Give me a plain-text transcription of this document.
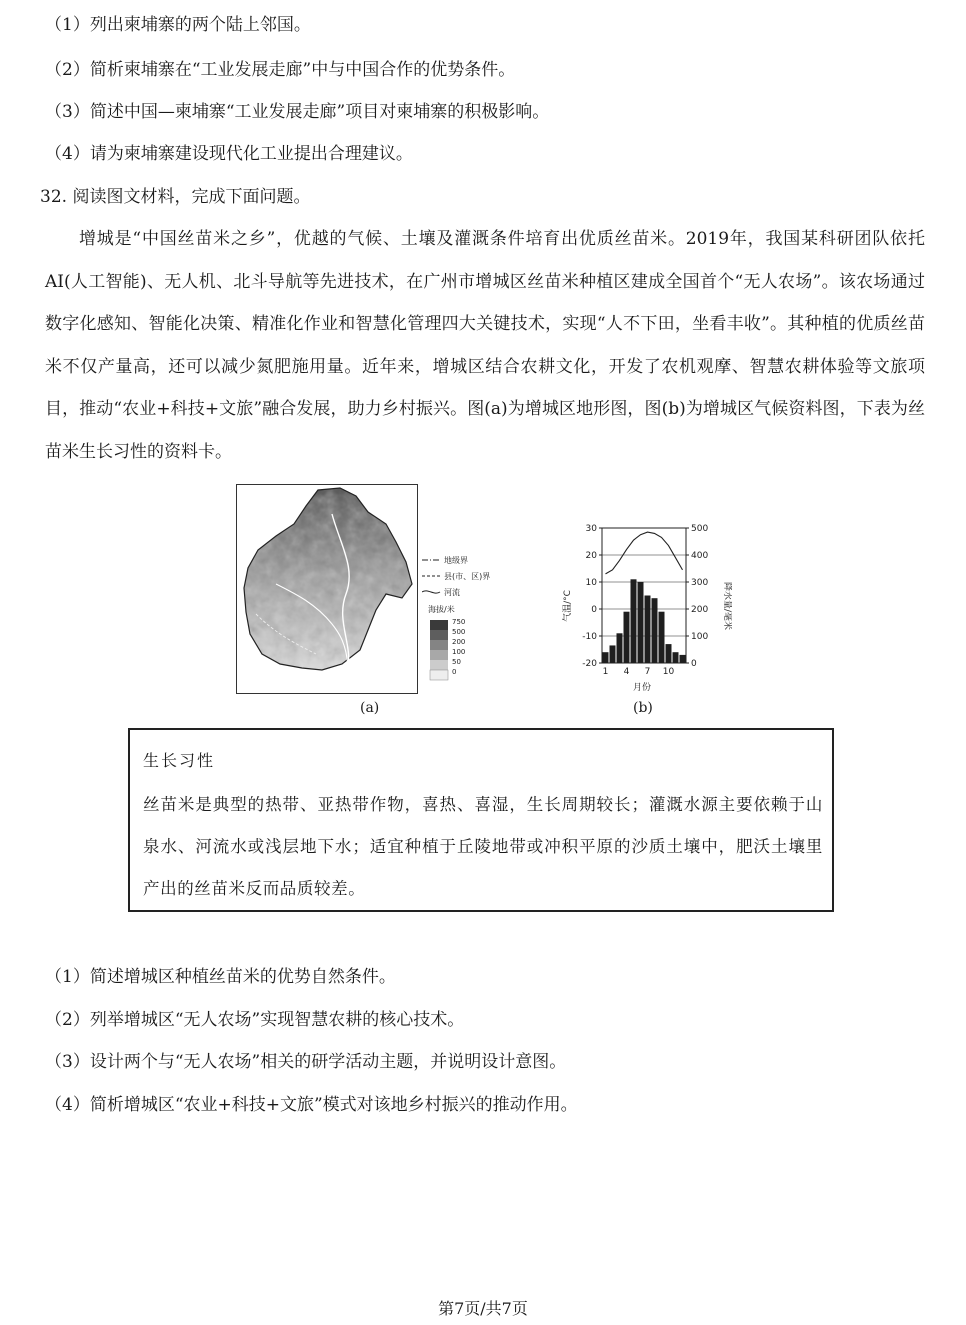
（1）列出柬埔寨的两个陆上邻国。
（2）简析柬埔寨在“工业发展走廊”中与中国合作的优势条件。
（3）简述中国—柬埔寨“工业发展走廊”项目对柬埔寨的积极影响。
（4）请为柬埔寨建设现代化工业提出合理建议。
32. 阅读图文材料，完成下面问题。
增城是“中国丝苗米之乡”，优越的气候、土壤及灌溉条件培育出优质丝苗米。2019年，我国某科研团队依托AI(人工智能)、无人机、北斗导航等先进技术，在广州市增城区丝苗米种植区建成全国首个“无人农场”。该农场通过数字化感知、智能化决策、精准化作业和智慧化管理四大关键技术，实现“人不下田，坐看丰收”。其种植的优质丝苗米不仅产量高，还可以减少氮肥施用量。近年来，增城区结合农耕文化，开发了农机观摩、智慧农耕体验等文旅项目，推动“农业+科技+文旅”融合发展，助力乡村振兴。图(a)为增城区地形图，图(b)为增城区气候资料图，下表为丝苗米生长习性的资料卡。
地级界
县(市、区)界
河流
海拔/米
750
500
200
100
50
0
(a)
30
20
10
0
-10
-20
500
400
300
200
100
0
1 4 7 10
气温/°C	降水量/毫米
月份
(b)
生长习性
丝苗米是典型的热带、亚热带作物，喜热、喜湿，生长周期较长；灌溉水源主要依赖于山泉水、河流水或浅层地下水；适宜种植于丘陵地带或冲积平原的沙质土壤中，肥沃土壤里产出的丝苗米反而品质较差。
（1）简述增城区种植丝苗米的优势自然条件。
（2）列举增城区“无人农场”实现智慧农耕的核心技术。
（3）设计两个与“无人农场”相关的研学活动主题，并说明设计意图。
（4）简析增城区“农业+科技+文旅”模式对该地乡村振兴的推动作用。
第7页/共7页
